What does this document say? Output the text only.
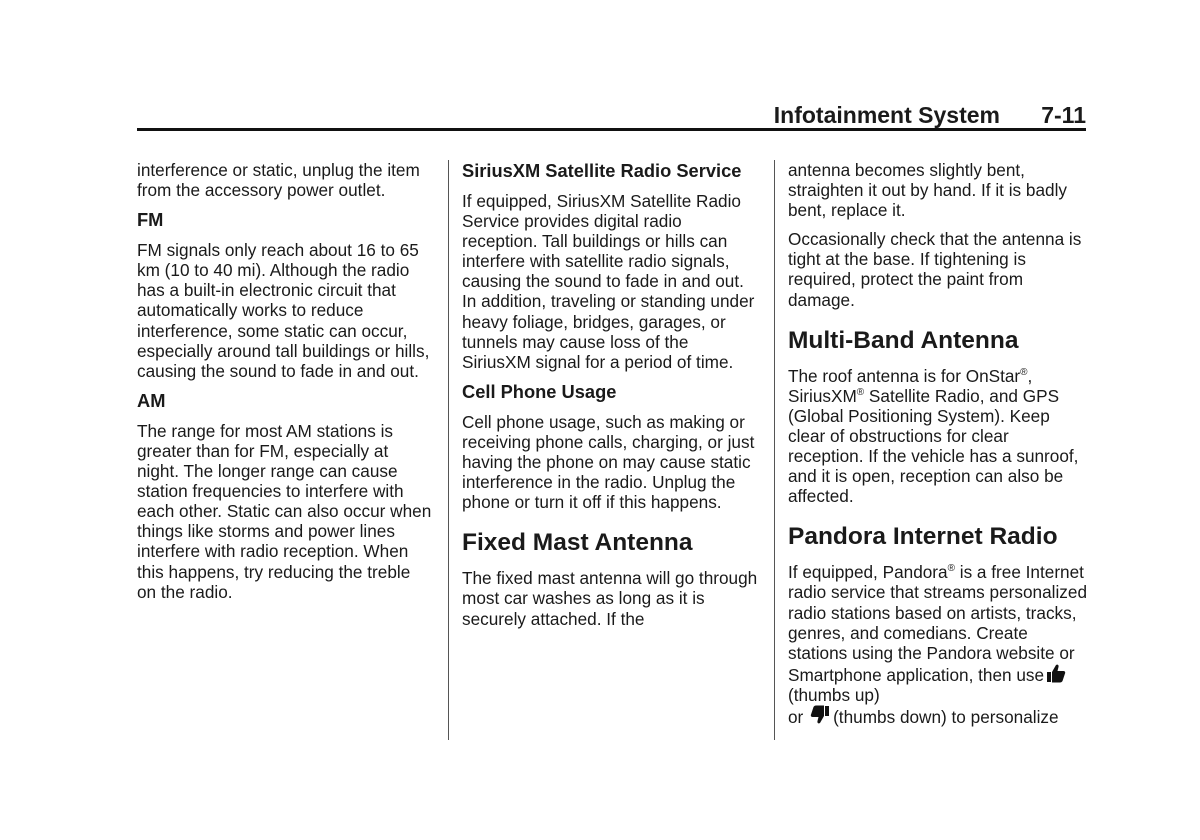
Infotainment System 7-11

interference or static, unplug the item from the accessory power outlet.

FM

FM signals only reach about 16 to 65 km (10 to 40 mi). Although the radio has a built-in electronic circuit that automatically works to reduce interference, some static can occur, especially around tall buildings or hills, causing the sound to fade in and out.

AM

The range for most AM stations is greater than for FM, especially at night. The longer range can cause station frequencies to interfere with each other. Static can also occur when things like storms and power lines interfere with radio reception. When this happens, try reducing the treble on the radio.

SiriusXM Satellite Radio Service

If equipped, SiriusXM Satellite Radio Service provides digital radio reception. Tall buildings or hills can interfere with satellite radio signals, causing the sound to fade in and out. In addition, traveling or standing under heavy foliage, bridges, garages, or tunnels may cause loss of the SiriusXM signal for a period of time.

Cell Phone Usage

Cell phone usage, such as making or receiving phone calls, charging, or just having the phone on may cause static interference in the radio. Unplug the phone or turn it off if this happens.

Fixed Mast Antenna

The fixed mast antenna will go through most car washes as long as it is securely attached. If the

antenna becomes slightly bent, straighten it out by hand. If it is badly bent, replace it.

Occasionally check that the antenna is tight at the base. If tightening is required, protect the paint from damage.

Multi-Band Antenna

The roof antenna is for OnStar®, SiriusXM® Satellite Radio, and GPS (Global Positioning System). Keep clear of obstructions for clear reception. If the vehicle has a sunroof, and it is open, reception can also be affected.

Pandora Internet Radio

If equipped, Pandora® is a free Internet radio service that streams personalized radio stations based on artists, tracks, genres, and comedians. Create stations using the Pandora website or Smartphone application, then use
(thumbs up)
or (thumbs down) to personalize
